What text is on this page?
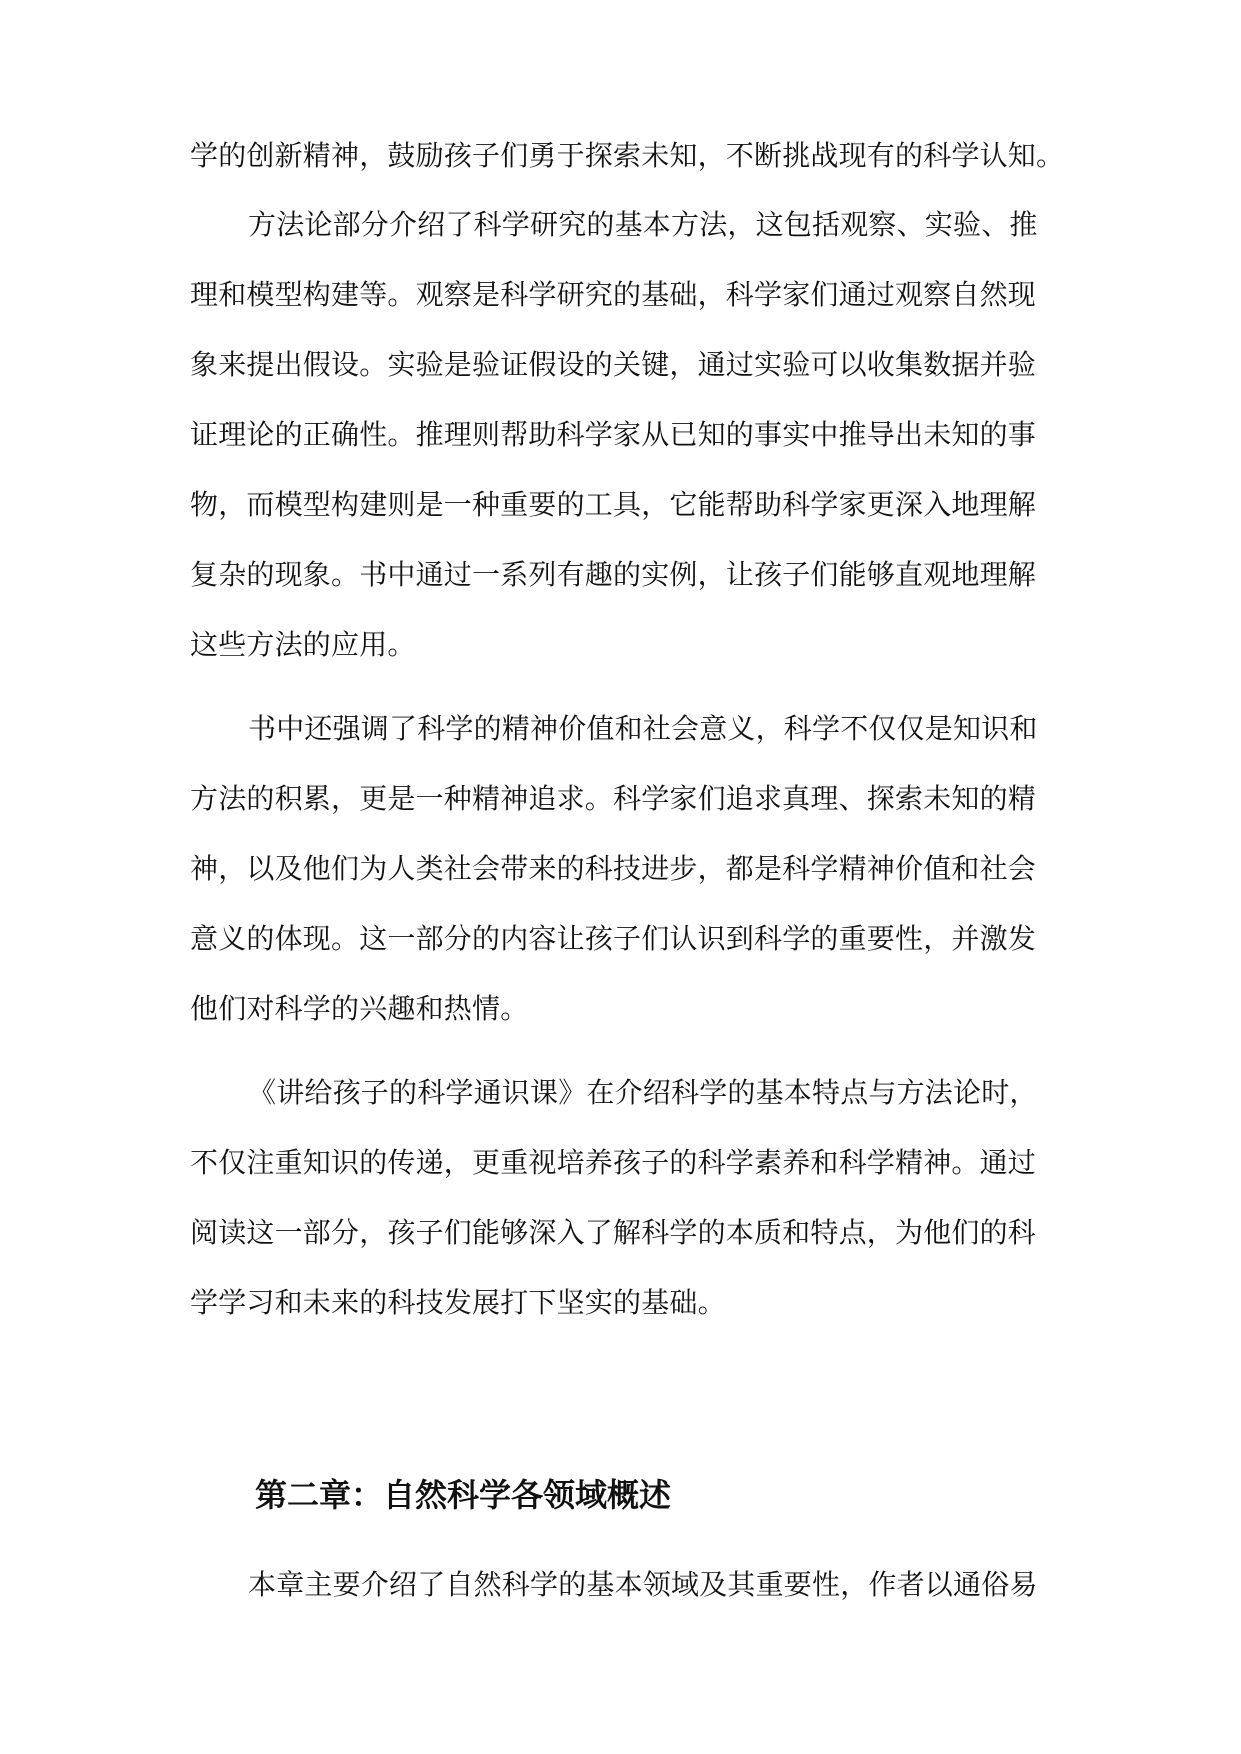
学的创新精神，鼓励孩子们勇于探索未知，不断挑战现有的科学认知。
方法论部分介绍了科学研究的基本方法，这包括观察、实验、推
理和模型构建等。观察是科学研究的基础，科学家们通过观察自然现
象来提出假设。实验是验证假设的关键，通过实验可以收集数据并验
证理论的正确性。推理则帮助科学家从已知的事实中推导出未知的事
物，而模型构建则是一种重要的工具，它能帮助科学家更深入地理解
复杂的现象。书中通过一系列有趣的实例，让孩子们能够直观地理解
这些方法的应用。
书中还强调了科学的精神价值和社会意义，科学不仅仅是知识和
方法的积累，更是一种精神追求。科学家们追求真理、探索未知的精
神，以及他们为人类社会带来的科技进步，都是科学精神价值和社会
意义的体现。这一部分的内容让孩子们认识到科学的重要性，并激发
他们对科学的兴趣和热情。
《讲给孩子的科学通识课》在介绍科学的基本特点与方法论时，
不仅注重知识的传递，更重视培养孩子的科学素养和科学精神。通过
阅读这一部分，孩子们能够深入了解科学的本质和特点，为他们的科
学学习和未来的科技发展打下坚实的基础。
第二章：自然科学各领域概述
本章主要介绍了自然科学的基本领域及其重要性，作者以通俗易
